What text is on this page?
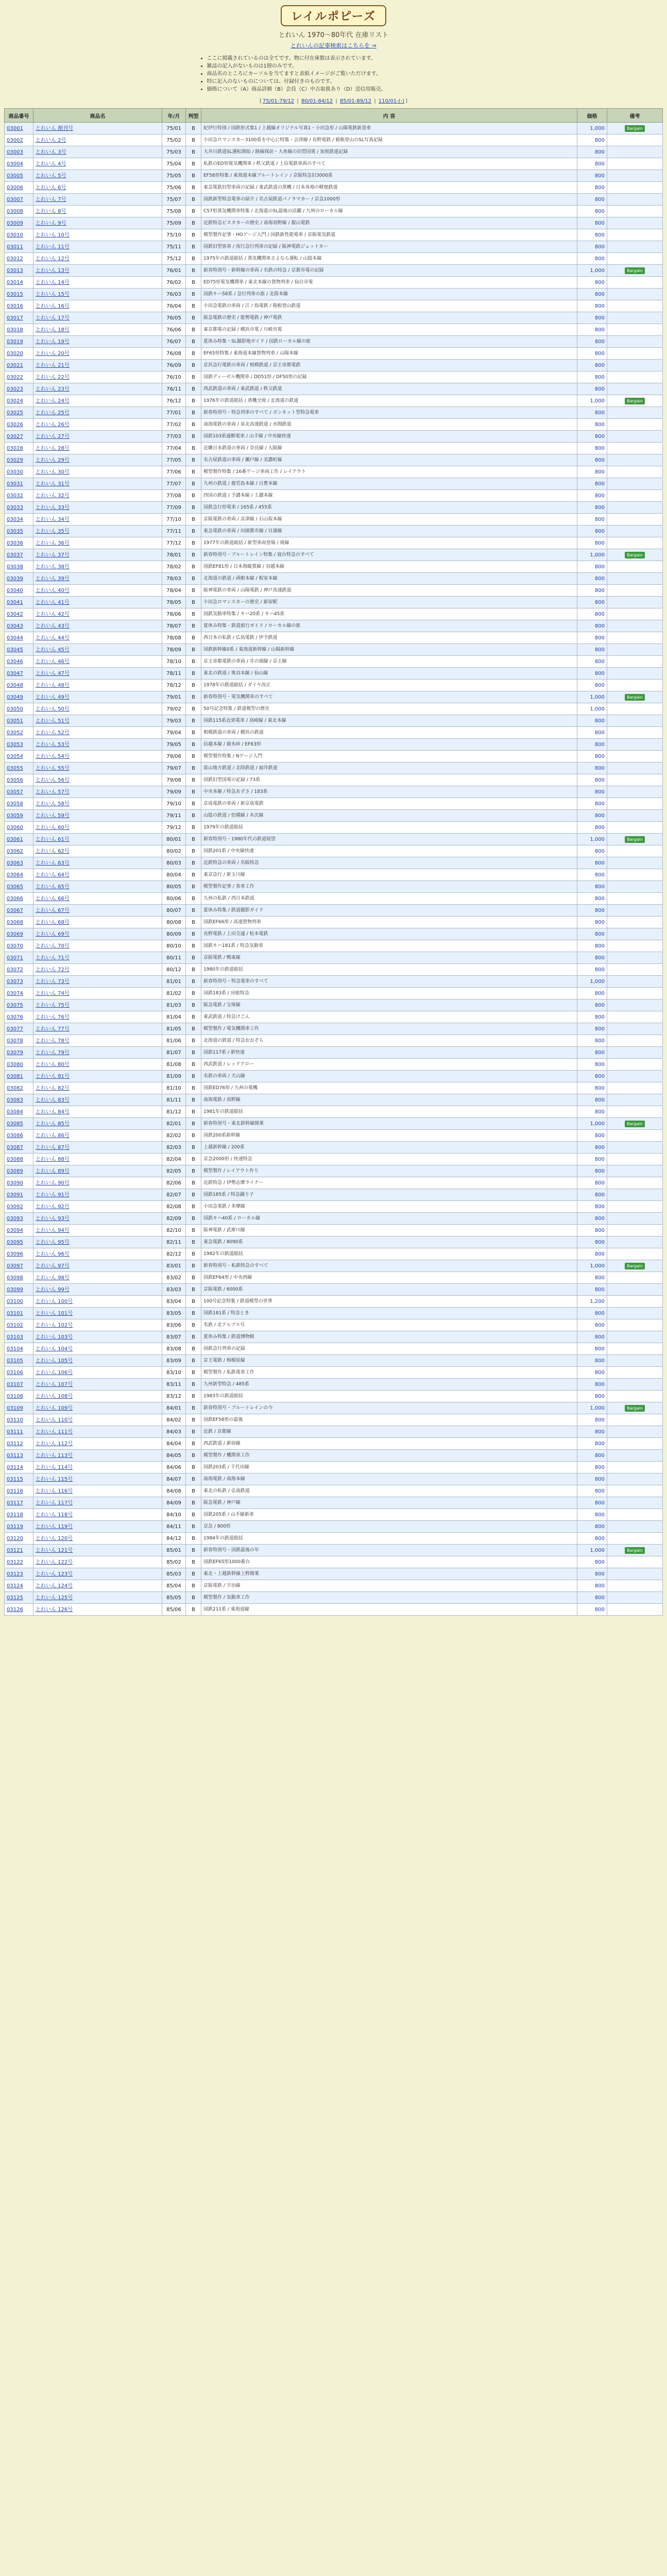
レイルポピーズ
とれいん 1970〜80年代 在庫リスト
とれいんの記事検索はこちらを ⇒
• ここに掲載されているのは全てです。物に付在庫数は表示されています。
• 雑誌の記入がないものは1冊のみです。
• 商品名のところにカーソルを当てますと表紙イメージがご覧いただけます。
• 特に記入のないものについては、付録付きのものです。
• 価格について（A）商品詳細（B）会員（C）中古取扱あり（D）送信用販売。
[ 75/01-79/12 | 80/01-84/12 | 85/01-89/12 | 110/01-(-) ]
商品番号	商品名	年/月	判型	内 容	価格	備考
03001	とれいん 創刊号	75/01	B	紀伊行特別 / 国鉄形式集1 / 上越線オリジナル写真1・小田急形 / 山陽電鉄新造車	1,000	Bargain
03002	とれいん 2号	75/02	B	小田急ロマンスカー3100系を中心に特集・会津線 / 長野電鉄 / 箱根登山のSL写真記録	800	
03003	とれいん 3号	75/03	B	大井川鉄道SL運転開始 / 路線探訪・大糸線の旧型国電 / 加悦鉄道記録	800	
03004	とれいん 4号	75/04	B	私鉄のED形電気機関車 / 秩父鉄道 / 上信電鉄車両のすべて	800	
03005	とれいん 5号	75/05	B	EF58形特集 / 東海道本線ブルートレイン / 京阪特急旧3000系	800	
03006	とれいん 6号	75/06	B	東急電鉄旧型車両の記録 / 東武鉄道の蒸機 / 日本各地の軽便鉄道	800	
03007	とれいん 7号	75/07	B	国鉄新型特急電車の紹介 / 名古屋鉄道パノラマカー / 京急1000形	800	
03008	とれいん 8号	75/08	B	C57形蒸気機関車特集 / 北海道のSL最後の活躍 / 九州のローカル線	800	
03009	とれいん 9号	75/09	B	近鉄特急ビスタカーの歴史 / 南海高野線 / 叡山電鉄	800	
03010	とれいん 10号	75/10	B	模型製作記事・HOゲージ入門 / 国鉄新性能電車 / 京阪電気鉄道	800	
03011	とれいん 11号	75/11	B	国鉄旧型客車 / 夜行急行列車の記録 / 阪神電鉄ジェットカー	800	
03012	とれいん 12号	75/12	B	1975年の鉄道総括 / 蒸気機関車さよなら運転 / 山陰本線	800	
03013	とれいん 13号	76/01	B	新春特別号・新幹線の車両 / 名鉄の特急 / 京都市電の記録	1,000	Bargain
03014	とれいん 14号	76/02	B	ED75形電気機関車 / 東北本線の貨物列車 / 仙台市電	800	
03015	とれいん 15号	76/03	B	国鉄キハ58系 / 急行列車の旅 / 北陸本線	800	
03016	とれいん 16号	76/04	B	小田急電鉄の車両 / 江ノ島電鉄 / 箱根登山鉄道	800	
03017	とれいん 17号	76/05	B	阪急電鉄の歴史 / 能勢電鉄 / 神戸電鉄	800	
03018	とれいん 18号	76/06	B	東京都電の記録 / 横浜市電 / 川崎市電	800	
03019	とれいん 19号	76/07	B	夏休み特集・SL撮影地ガイド / 国鉄ローカル線の旅	800	
03020	とれいん 20号	76/08	B	EF65形特集 / 東海道本線貨物列車 / 山陽本線	800	
03021	とれいん 21号	76/09	B	京浜急行電鉄の車両 / 相模鉄道 / 京王帝都電鉄	800	
03022	とれいん 22号	76/10	B	国鉄ディーゼル機関車 / DD51形 / DF50形の記録	800	
03023	とれいん 23号	76/11	B	西武鉄道の車両 / 東武鉄道 / 秩父鉄道	800	
03024	とれいん 24号	76/12	B	1976年の鉄道総括 / 蒸機全廃 / 北海道の鉄道	1,000	Bargain
03025	とれいん 25号	77/01	B	新春特別号・特急列車のすべて / ボンネット型特急電車	800	
03026	とれいん 26号	77/02	B	南海電鉄の車両 / 泉北高速鉄道 / 水間鉄道	800	
03027	とれいん 27号	77/03	B	国鉄103系通勤電車 / 山手線 / 中央線快速	800	
03028	とれいん 28号	77/04	B	近畿日本鉄道の車両 / 奈良線 / 大阪線	800	
03029	とれいん 29号	77/05	B	名古屋鉄道の車両 / 瀬戸線 / 美濃町線	800	
03030	とれいん 30号	77/06	B	模型製作特集 / 16番ゲージ車両工作 / レイアウト	800	
03031	とれいん 31号	77/07	B	九州の鉄道 / 鹿児島本線 / 日豊本線	800	
03032	とれいん 32号	77/08	B	四国の鉄道 / 予讃本線 / 土讃本線	800	
03033	とれいん 33号	77/09	B	国鉄急行形電車 / 165系 / 455系	800	
03034	とれいん 34号	77/10	B	京阪電鉄の車両 / 京津線 / 石山坂本線	800	
03035	とれいん 35号	77/11	B	東急電鉄の車両 / 田園都市線 / 目蒲線	800	
03036	とれいん 36号	77/12	B	1977年の鉄道総括 / 新型車両登場 / 廃線	800	
03037	とれいん 37号	78/01	B	新春特別号・ブルートレイン特集 / 寝台特急のすべて	1,000	Bargain
03038	とれいん 38号	78/02	B	国鉄EF81形 / 日本海縦貫線 / 羽越本線	800	
03039	とれいん 39号	78/03	B	北海道の鉄道 / 函館本線 / 根室本線	800	
03040	とれいん 40号	78/04	B	阪神電鉄の車両 / 山陽電鉄 / 神戸高速鉄道	800	
03041	とれいん 41号	78/05	B	小田急ロマンスカーの歴史 / 新宿駅	800	
03042	とれいん 42号	78/06	B	国鉄気動車特集 / キハ20系 / キハ45系	800	
03043	とれいん 43号	78/07	B	夏休み特集・鉄道旅行ガイド / ローカル線の旅	800	
03044	とれいん 44号	78/08	B	西日本の私鉄 / 広島電鉄 / 伊予鉄道	800	
03045	とれいん 45号	78/09	B	国鉄新幹線0系 / 東海道新幹線 / 山陽新幹線	800	
03046	とれいん 46号	78/10	B	京王帝都電鉄の車両 / 井の頭線 / 京王線	800	
03047	とれいん 47号	78/11	B	東北の鉄道 / 奥羽本線 / 仙山線	800	
03048	とれいん 48号	78/12	B	1978年の鉄道総括 / ダイヤ改正	800	
03049	とれいん 49号	79/01	B	新春特別号・電気機関車のすべて	1,000	Bargain
03050	とれいん 50号	79/02	B	50号記念特集 / 鉄道模型の歴史	1,000	
03051	とれいん 51号	79/03	B	国鉄115系近郊電車 / 高崎線 / 東北本線	800	
03052	とれいん 52号	79/04	B	相模鉄道の車両 / 横浜の鉄道	800	
03053	とれいん 53号	79/05	B	信越本線 / 碓氷峠 / EF63形	800	
03054	とれいん 54号	79/06	B	模型製作特集 / Nゲージ入門	800	
03055	とれいん 55号	79/07	B	富山地方鉄道 / 北陸鉄道 / 福井鉄道	800	
03056	とれいん 56号	79/08	B	国鉄旧型国電の記録 / 73系	800	
03057	とれいん 57号	79/09	B	中央本線 / 特急あずさ / 183系	800	
03058	とれいん 58号	79/10	B	京成電鉄の車両 / 新京成電鉄	800	
03059	とれいん 59号	79/11	B	山陰の鉄道 / 伯備線 / 木次線	800	
03060	とれいん 60号	79/12	B	1979年の鉄道総括	800	
03061	とれいん 61号	80/01	B	新春特別号・1980年代の鉄道展望	1,000	Bargain
03062	とれいん 62号	80/02	B	国鉄201系 / 中央線快速	800	
03063	とれいん 63号	80/03	B	近鉄特急の車両 / 名阪特急	800	
03064	とれいん 64号	80/04	B	東京急行 / 新玉川線	800	
03065	とれいん 65号	80/05	B	模型製作記事 / 客車工作	800	
03066	とれいん 66号	80/06	B	九州の私鉄 / 西日本鉄道	800	
03067	とれいん 67号	80/07	B	夏休み特集 / 鉄道撮影ガイド	800	
03068	とれいん 68号	80/08	B	国鉄EF66形 / 高速貨物列車	800	
03069	とれいん 69号	80/09	B	長野電鉄 / 上田交通 / 松本電鉄	800	
03070	とれいん 70号	80/10	B	国鉄キハ181系 / 特急気動車	800	
03071	とれいん 71号	80/11	B	京阪電鉄 / 鴨東線	800	
03072	とれいん 72号	80/12	B	1980年の鉄道総括	800	
03073	とれいん 73号	81/01	B	新春特別号・特急電車のすべて	1,000	
03074	とれいん 74号	81/02	B	国鉄183系 / 房総特急	800	
03075	とれいん 75号	81/03	B	阪急電鉄 / 宝塚線	800	
03076	とれいん 76号	81/04	B	東武鉄道 / 特急けごん	800	
03077	とれいん 77号	81/05	B	模型製作 / 電気機関車工作	800	
03078	とれいん 78号	81/06	B	北海道の鉄道 / 特急おおぞら	800	
03079	とれいん 79号	81/07	B	国鉄117系 / 新快速	800	
03080	とれいん 80号	81/08	B	西武鉄道 / レッドアロー	800	
03081	とれいん 81号	81/09	B	名鉄の車両 / 犬山線	800	
03082	とれいん 82号	81/10	B	国鉄ED76形 / 九州の電機	800	
03083	とれいん 83号	81/11	B	南海電鉄 / 高野線	800	
03084	とれいん 84号	81/12	B	1981年の鉄道総括	800	
03085	とれいん 85号	82/01	B	新春特別号・東北新幹線開業	1,000	Bargain
03086	とれいん 86号	82/02	B	国鉄200系新幹線	800	
03087	とれいん 87号	82/03	B	上越新幹線 / 200系	800	
03088	とれいん 88号	82/04	B	京急2000形 / 快速特急	800	
03089	とれいん 89号	82/05	B	模型製作 / レイアウト作り	800	
03090	とれいん 90号	82/06	B	近鉄特急 / 伊勢志摩ライナー	800	
03091	とれいん 91号	82/07	B	国鉄185系 / 特急踊り子	800	
03092	とれいん 92号	82/08	B	小田急電鉄 / 多摩線	800	
03093	とれいん 93号	82/09	B	国鉄キハ40系 / ローカル線	800	
03094	とれいん 94号	82/10	B	阪神電鉄 / 武庫川線	800	
03095	とれいん 95号	82/11	B	東急電鉄 / 8090系	800	
03096	とれいん 96号	82/12	B	1982年の鉄道総括	800	
03097	とれいん 97号	83/01	B	新春特別号・私鉄特急のすべて	1,000	Bargain
03098	とれいん 98号	83/02	B	国鉄EF64形 / 中央西線	800	
03099	とれいん 99号	83/03	B	京阪電鉄 / 6000系	800	
03100	とれいん 100号	83/04	B	100号記念特集 / 鉄道模型の世界	1,200	
03101	とれいん 101号	83/05	B	国鉄181系 / 特急とき	800	
03102	とれいん 102号	83/06	B	名鉄 / 北アルプス号	800	
03103	とれいん 103号	83/07	B	夏休み特集 / 鉄道博物館	800	
03104	とれいん 104号	83/08	B	国鉄急行列車の記録	800	
03105	とれいん 105号	83/09	B	京王電鉄 / 相模原線	800	
03106	とれいん 106号	83/10	B	模型製作 / 私鉄電車工作	800	
03107	とれいん 107号	83/11	B	九州新型特急 / 485系	800	
03108	とれいん 108号	83/12	B	1983年の鉄道総括	800	
03109	とれいん 109号	84/01	B	新春特別号・ブルートレインの今	1,000	Bargain
03110	とれいん 110号	84/02	B	国鉄EF58形の最後	800	
03111	とれいん 111号	84/03	B	近鉄 / 京都線	800	
03112	とれいん 112号	84/04	B	西武鉄道 / 新宿線	800	
03113	とれいん 113号	84/05	B	模型製作 / 機関車工作	800	
03114	とれいん 114号	84/06	B	国鉄203系 / 千代田線	800	
03115	とれいん 115号	84/07	B	南海電鉄 / 南海本線	800	
03116	とれいん 116号	84/08	B	東北の私鉄 / 弘南鉄道	800	
03117	とれいん 117号	84/09	B	阪急電鉄 / 神戸線	800	
03118	とれいん 118号	84/10	B	国鉄205系 / 山手線新車	800	
03119	とれいん 119号	84/11	B	京急 / 800形	800	
03120	とれいん 120号	84/12	B	1984年の鉄道総括	800	
03121	とれいん 121号	85/01	B	新春特別号・国鉄最後の年	1,000	Bargain
03122	とれいん 122号	85/02	B	国鉄EF65形1000番台	800	
03123	とれいん 123号	85/03	B	東北・上越新幹線上野開業	800	
03124	とれいん 124号	85/04	B	京阪電鉄 / 宇治線	800	
03125	とれいん 125号	85/05	B	模型製作 / 気動車工作	800	
03126	とれいん 126号	85/06	B	国鉄211系 / 東海道線	800	
